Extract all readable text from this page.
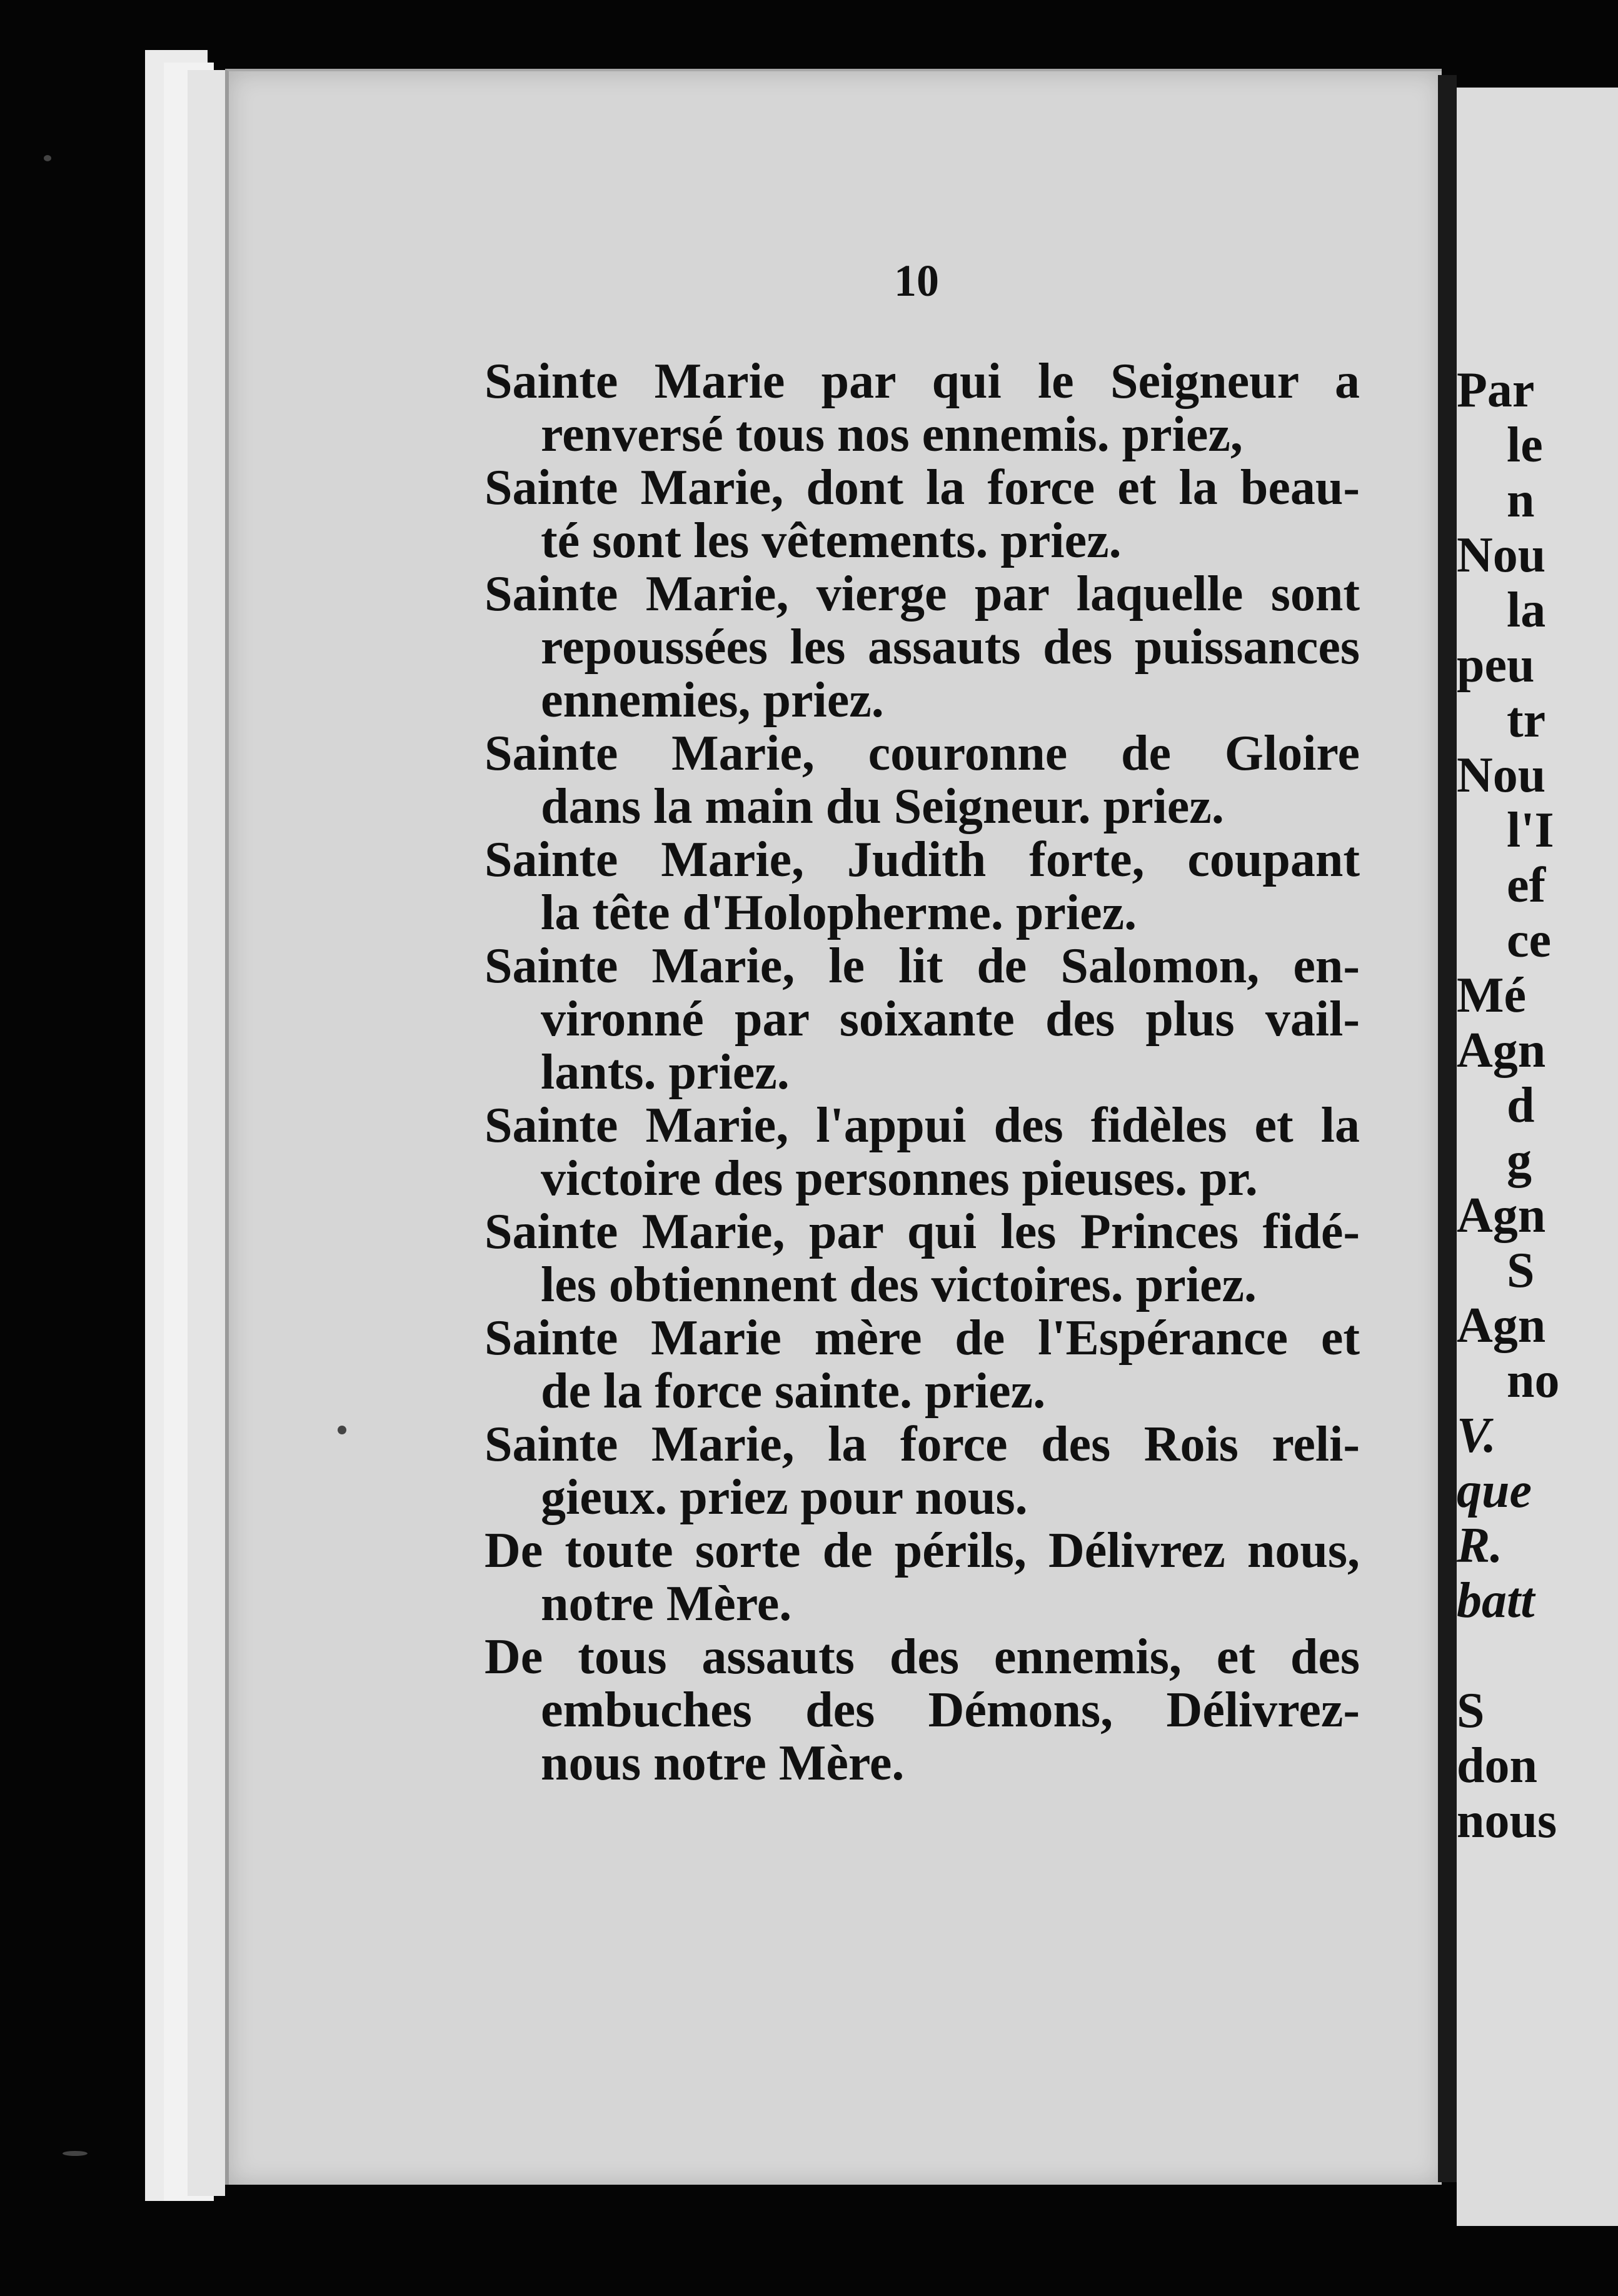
Par
le
n
Nou
la
peu
tr
Nou
l'I
ef
ce
Mé
Agn
d
g
Agn
S
Agn
no
V.
que
R.
batt

S
don
nous
10
Sainte Marie par qui le Seigneur a
renversé tous nos ennemis. priez,
Sainte Marie, dont la force et la beau-
té sont les vêtements. priez.
Sainte Marie, vierge par laquelle sont
repoussées les assauts des puissances
ennemies, priez.
Sainte Marie, couronne de Gloire
dans la main du Seigneur. priez.
Sainte Marie, Judith forte, coupant
la tête d'Holopherme. priez.
Sainte Marie, le lit de Salomon, en-
vironné par soixante des plus vail-
lants. priez.
Sainte Marie, l'appui des fidèles et la
victoire des personnes pieuses. pr.
Sainte Marie, par qui les Princes fidé-
les obtiennent des victoires. priez.
Sainte Marie mère de l'Espérance et
de la force sainte. priez.
Sainte Marie, la force des Rois reli-
gieux. priez pour nous.
De toute sorte de périls, Délivrez nous,
notre Mère.
De tous assauts des ennemis, et des
embuches des Démons, Délivrez-
nous notre Mère.
